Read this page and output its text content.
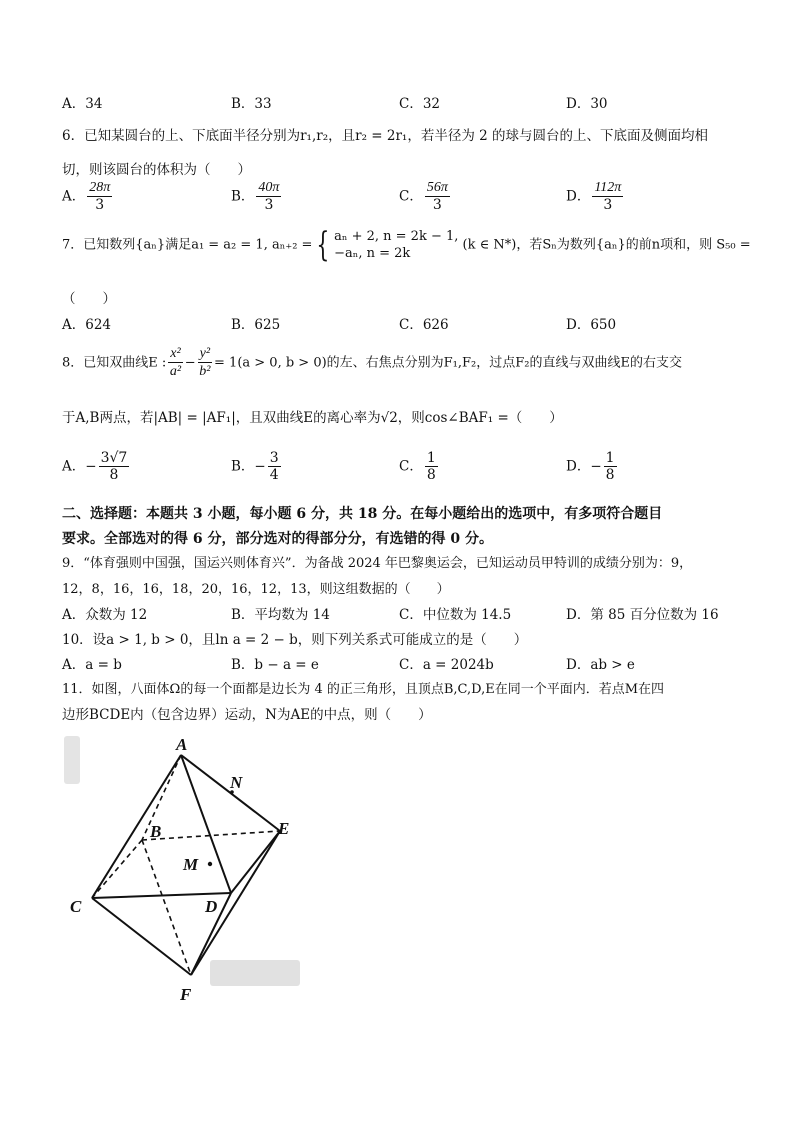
A．34	B．33	C．32	D．30
6．已知某圆台的上、下底面半径分别为r₁,r₂，且r₂ = 2r₁，若半径为 2 的球与圆台的上、下底面及侧面均相
切，则该圆台的体积为（　　）
A． $\frac{28\pi}{3}$	B． $\frac{40\pi}{3}$	C． $\frac{56\pi}{3}$	D． $\frac{112\pi}{3}$
7．已知数列{aₙ}满足a₁ = a₂ = 1, aₙ₊₂ = { aₙ + 2, n = 2k − 1,
−aₙ, n = 2k
(k ∈ N*)，若Sₙ为数列{aₙ}的前n项和，则 S₅₀ =
（　　）
A．624	B．625	C．626	D．650
8．已知双曲线E : $\frac{\text{x²}}{\text{a²}} - \frac{\text{y²}}{\text{b²}} = 1(a > 0$, b > 0)的左、右焦点分别为F₁,F₂，过点F₂的直线与双曲线E的右支交
于A,B两点，若|AB| = |AF₁|，且双曲线E的离心率为√2，则cos∠BAF₁ =（　　）
A．− $\frac{3√7}{8}$	B．− $\frac{3}{4}$	C． $\frac{1}{8}$	D．− $\frac{1}{8}$
二、选择题：本题共 3 小题，每小题 6 分，共 18 分。在每小题给出的选项中，有多项符合题目
要求。全部选对的得 6 分，部分选对的得部分分，有选错的得 0 分。
9．“体育强则中国强，国运兴则体育兴”．为备战 2024 年巴黎奥运会，已知运动员甲特训的成绩分别为：9，
12，8，16，16，18，20，16，12，13，则这组数据的（　　）
A．众数为 12	B．平均数为 14	C．中位数为 14.5	D．第 85 百分位数为 16
10．设a > 1, b > 0，且ln a = 2 − b，则下列关系式可能成立的是（　　）
A．a = b	B．b − a = e	C．a = 2024b	D．ab > e
11．如图，八面体Ω的每一个面都是边长为 4 的正三角形，且顶点B,C,D,E在同一个平面内．若点M在四
边形BCDE内（包含边界）运动，N为AE的中点，则（　　）
A
B
C	D
E
F
M
N
